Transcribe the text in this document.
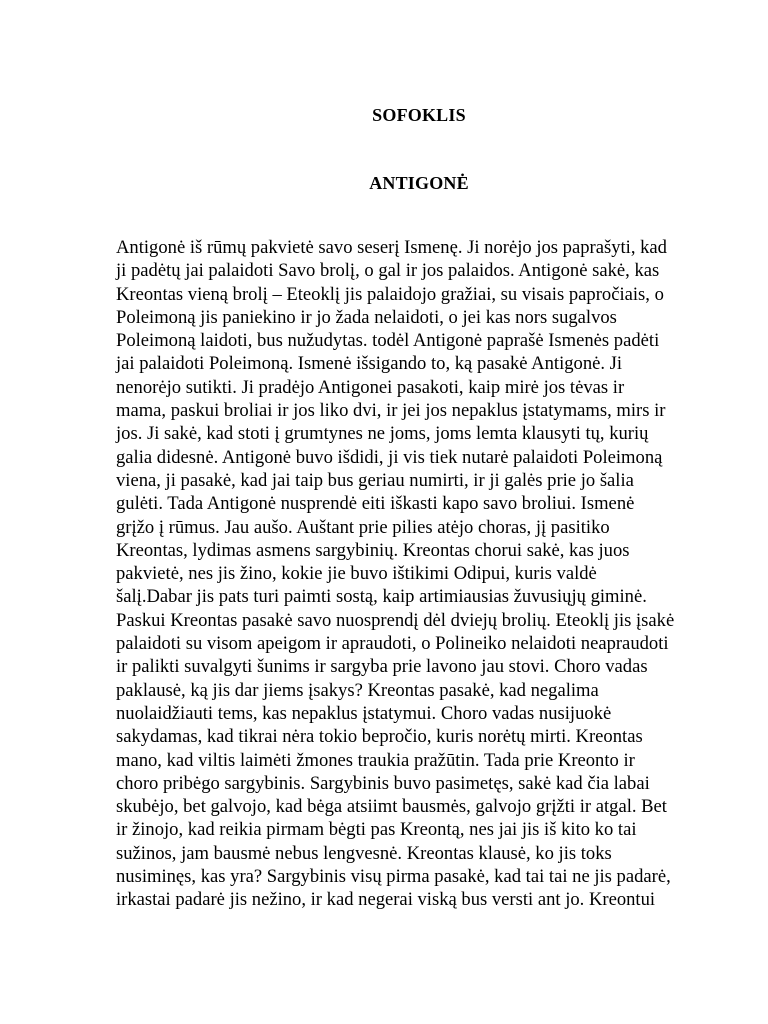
SOFOKLIS
ANTIGONĖ
Antigonė iš rūmų pakvietė savo seserį Ismenę. Ji norėjo jos paprašyti, kad
ji padėtų jai palaidoti Savo brolį, o gal ir jos palaidos. Antigonė sakė, kas
Kreontas vieną brolį – Eteoklį jis palaidojo gražiai, su visais papročiais, o
Poleimoną jis paniekino ir jo žada nelaidoti, o jei kas nors sugalvos
Poleimoną laidoti, bus nužudytas. todėl Antigonė paprašė Ismenės padėti
jai palaidoti Poleimoną. Ismenė išsigando to, ką pasakė Antigonė. Ji
nenorėjo sutikti. Ji pradėjo Antigonei pasakoti, kaip mirė jos tėvas ir
mama, paskui broliai ir jos liko dvi, ir jei jos nepaklus įstatymams, mirs ir
jos. Ji sakė, kad stoti į grumtynes ne joms, joms lemta klausyti tų, kurių
galia didesnė. Antigonė buvo išdidi, ji vis tiek nutarė palaidoti Poleimoną
viena, ji pasakė, kad jai taip bus geriau numirti, ir ji galės prie jo šalia
gulėti. Tada Antigonė nusprendė eiti iškasti kapo savo broliui. Ismenė
grįžo į rūmus. Jau aušo. Auštant prie pilies atėjo choras, jį pasitiko
Kreontas, lydimas asmens sargybinių. Kreontas chorui sakė, kas juos
pakvietė, nes jis žino, kokie jie buvo ištikimi Odipui, kuris valdė
šalį.Dabar jis pats turi paimti sostą, kaip artimiausias žuvusiųjų giminė.
Paskui Kreontas pasakė savo nuosprendį dėl dviejų brolių. Eteoklį jis įsakė
palaidoti su visom apeigom ir apraudoti, o Polineiko nelaidoti neapraudoti
ir palikti suvalgyti šunims ir sargyba prie lavono jau stovi. Choro vadas
paklausė, ką jis dar jiems įsakys? Kreontas pasakė, kad negalima
nuolaidžiauti tems, kas nepaklus įstatymui. Choro vadas nusijuokė
sakydamas, kad tikrai nėra tokio bepročio, kuris norėtų mirti. Kreontas
mano, kad viltis laimėti žmones traukia pražūtin. Tada prie Kreonto ir
choro pribėgo sargybinis. Sargybinis buvo pasimetęs, sakė kad čia labai
skubėjo, bet galvojo, kad bėga atsiimt bausmės, galvojo grįžti ir atgal. Bet
ir žinojo, kad reikia pirmam bėgti pas Kreontą, nes jai jis iš kito ko tai
sužinos, jam bausmė nebus lengvesnė. Kreontas klausė, ko jis toks
nusiminęs, kas yra? Sargybinis visų pirma pasakė, kad tai tai ne jis padarė,
irkastai padarė jis nežino, ir kad negerai viską bus versti ant jo. Kreontui
